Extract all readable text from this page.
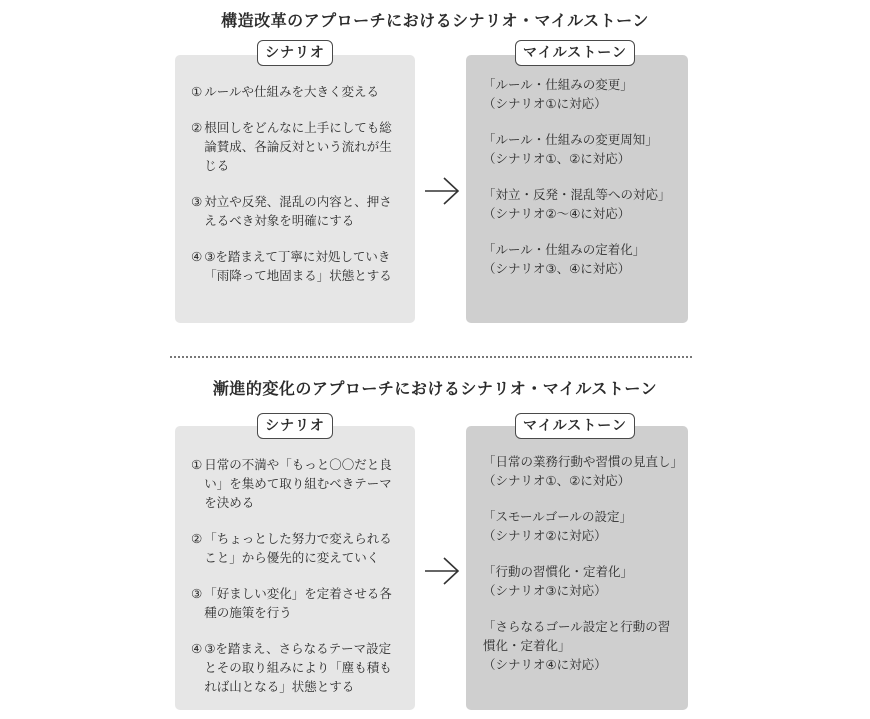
構造改革のアプローチにおけるシナリオ・マイルストーン
① ルールや仕組みを大きく変える
② 根回しをどんなに上手にしても総論賛成、各論反対という流れが生じる
③ 対立や反発、混乱の内容と、押さえるべき対象を明確にする
④ ③を踏まえて丁寧に対処していき「雨降って地固まる」状態とする
シナリオ
「ルール・仕組みの変更」
（シナリオ①に対応）
「ルール・仕組みの変更周知」
（シナリオ①、②に対応）
「対立・反発・混乱等への対応」
（シナリオ②〜④に対応）
「ルール・仕組みの定着化」
（シナリオ③、④に対応）
マイルストーン
漸進的変化のアプローチにおけるシナリオ・マイルストーン
① 日常の不満や「もっと〇〇だと良い」を集めて取り組むべきテーマを決める
② 「ちょっとした努力で変えられること」から優先的に変えていく
③ 「好ましい変化」を定着させる各種の施策を行う
④ ③を踏まえ、さらなるテーマ設定とその取り組みにより「塵も積もれば山となる」状態とする
シナリオ
「日常の業務行動や習慣の見直し」
（シナリオ①、②に対応）
「スモールゴールの設定」
（シナリオ②に対応）
「行動の習慣化・定着化」
（シナリオ③に対応）
「さらなるゴール設定と行動の習慣化・定着化」
（シナリオ④に対応）
マイルストーン
